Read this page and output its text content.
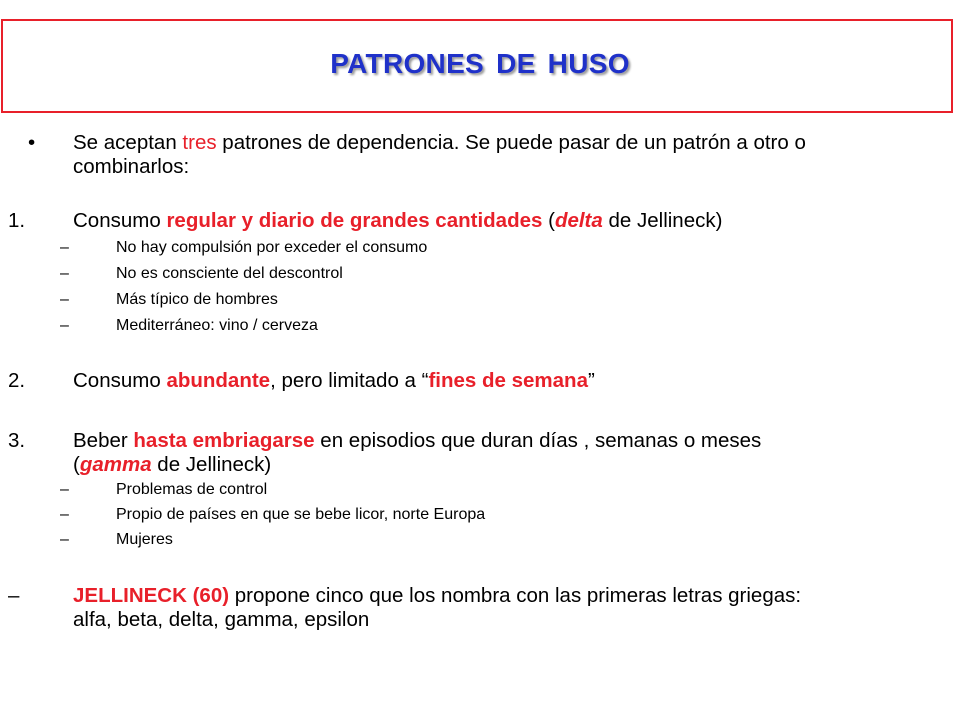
PATRONES DE HUSO
• Se aceptan tres patrones de dependencia. Se puede pasar de un patrón a otro o
combinarlos:
1. Consumo regular y diario de grandes cantidades (delta de Jellineck)
–	No hay compulsión por exceder el consumo
–	No es consciente del descontrol
–	Más típico de hombres
–	Mediterráneo: vino / cerveza
2. Consumo abundante, pero limitado a “fines de semana”
3. Beber hasta embriagarse en episodios que duran días , semanas o meses
(gamma de Jellineck)
–	Problemas de control
–	Propio de países en que se bebe licor, norte Europa
–	Mujeres
–	JELLINECK (60) propone cinco que los nombra con las primeras letras griegas:
alfa, beta, delta, gamma, epsilon
